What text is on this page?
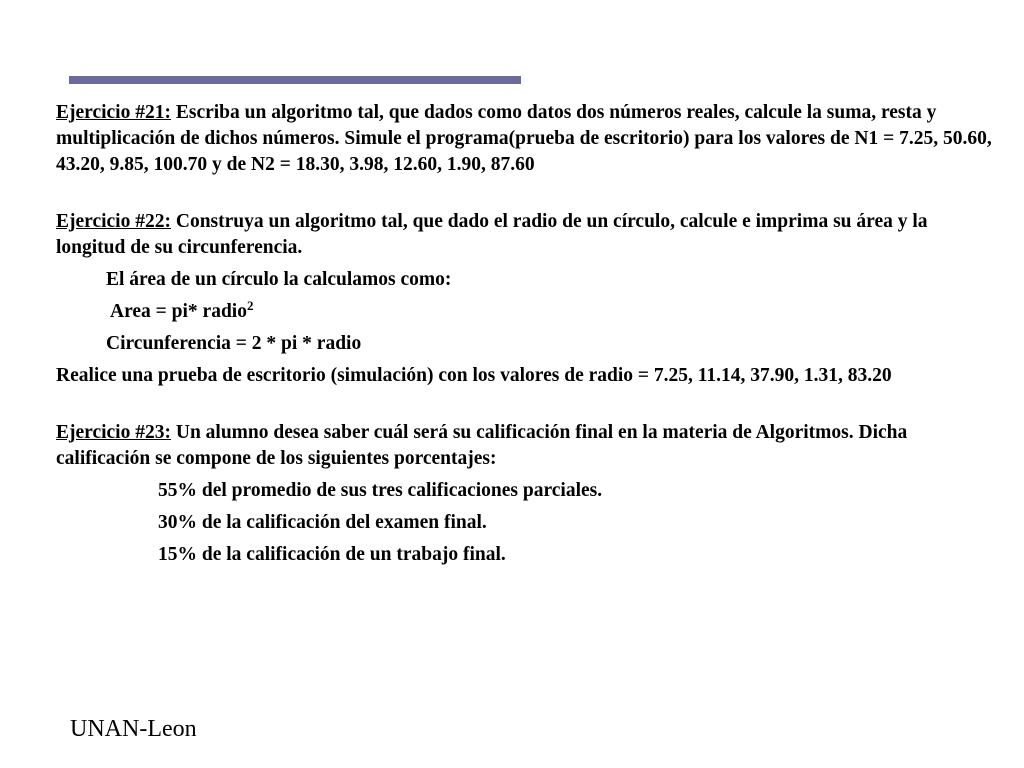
Ejercicio #21: Escriba un algoritmo tal, que dados como datos dos números reales, calcule la suma, resta y multiplicación de dichos números. Simule el programa(prueba de escritorio) para los valores de N1 = 7.25, 50.60, 43.20, 9.85, 100.70 y de N2 = 18.30, 3.98, 12.60, 1.90, 87.60

Ejercicio #22: Construya un algoritmo tal, que dado el radio de un círculo, calcule e imprima su área y la longitud de su circunferencia.

El área de un círculo la calculamos como:

Area = pi* radio$^2$

Circunferencia = 2 * pi * radio

Realice una prueba de escritorio (simulación) con los valores de radio = 7.25, 11.14, 37.90, 1.31, 83.20

Ejercicio #23: Un alumno desea saber cuál será su calificación final en la materia de Algoritmos. Dicha calificación se compone de los siguientes porcentajes:

55% del promedio de sus tres calificaciones parciales.

30% de la calificación del examen final.

15% de la calificación de un trabajo final.

UNAN-Leon
